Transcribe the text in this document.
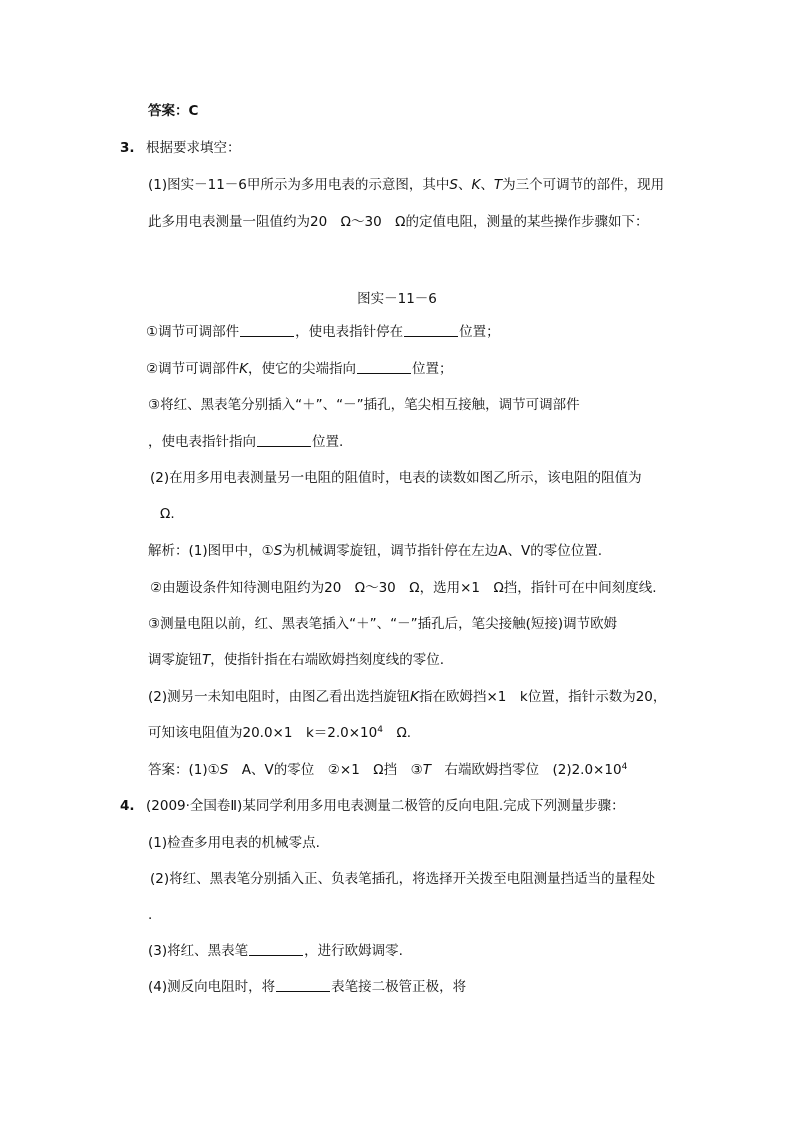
答案：C
3. 根据要求填空：
(1)图实－11－6甲所示为多用电表的示意图，其中S、K、T为三个可调节的部件，现用
此多用电表测量一阻值约为20　Ω～30　Ω的定值电阻，测量的某些操作步骤如下：
图实－11－6
①调节可调部件	，使电表指针停在	位置；
②调节可调部件K，使它的尖端指向	位置；
③将红、黑表笔分别插入“＋”、“－”插孔，笔尖相互接触，调节可调部件
，使电表指针指向	位置.
(2)在用多用电表测量另一电阻的阻值时，电表的读数如图乙所示，该电阻的阻值为
Ω.
解析：(1)图甲中，①S为机械调零旋钮，调节指针停在左边A、V的零位位置.
②由题设条件知待测电阻约为20　Ω～30　Ω，选用×1　Ω挡，指针可在中间刻度线.
③测量电阻以前，红、黑表笔插入“＋”、“－”插孔后，笔尖接触(短接)调节欧姆
调零旋钮T，使指针指在右端欧姆挡刻度线的零位.
(2)测另一未知电阻时，由图乙看出选挡旋钮K指在欧姆挡×1　k位置，指针示数为20，
可知该电阻值为20.0×1　$k=2.0\times 10^4$　Ω.
答案：(1)①S　A、V的零位　②×1　Ω挡　③T　右端欧姆挡零位　$(2)2.0\times 10^4$
4. (2009·全国卷Ⅱ)某同学利用多用电表测量二极管的反向电阻.完成下列测量步骤：
(1)检查多用电表的机械零点.
(2)将红、黑表笔分别插入正、负表笔插孔，将选择开关拨至电阻测量挡适当的量程处
.
(3)将红、黑表笔	，进行欧姆调零.
(4)测反向电阻时，将	表笔接二极管正极，将
